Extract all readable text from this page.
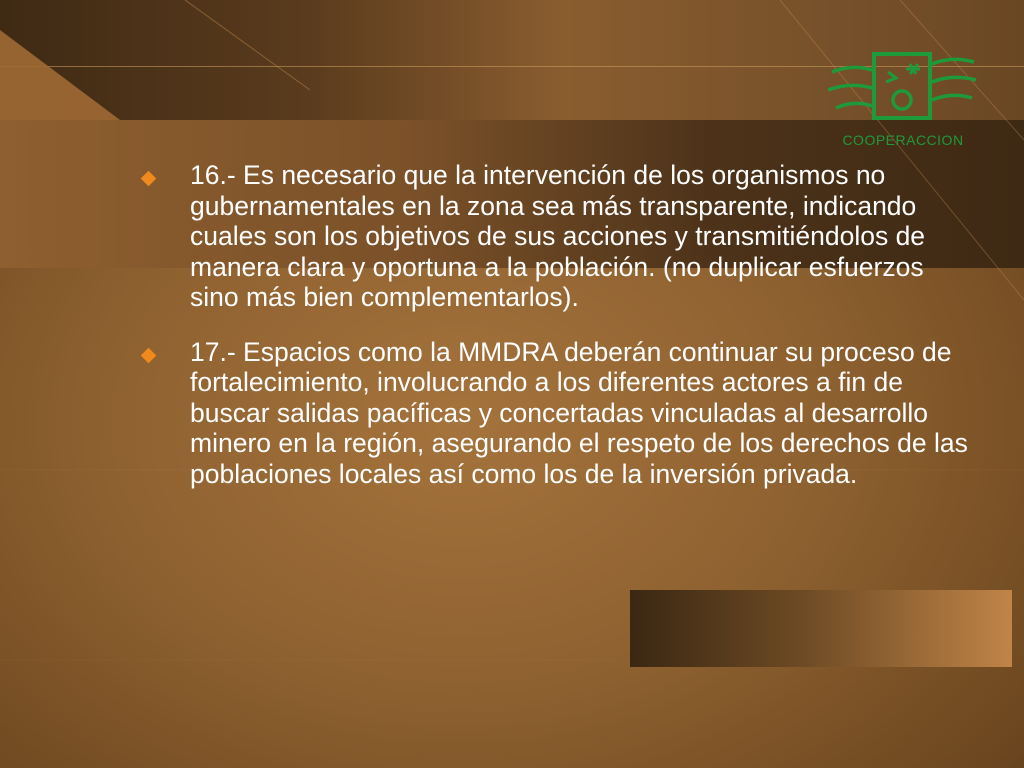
COOPERACCION
16.- Es necesario que la intervención de los organismos no gubernamentales en la zona sea más transparente, indicando cuales son los objetivos de sus acciones y transmitiéndolos de manera clara y oportuna a la población. (no duplicar esfuerzos sino más bien complementarlos).
17.- Espacios como la MMDRA deberán continuar su proceso de fortalecimiento, involucrando a los diferentes actores a fin de buscar salidas pacíficas y concertadas vinculadas al desarrollo minero en la región, asegurando el respeto de los derechos de las poblaciones locales así como los de la inversión privada.
